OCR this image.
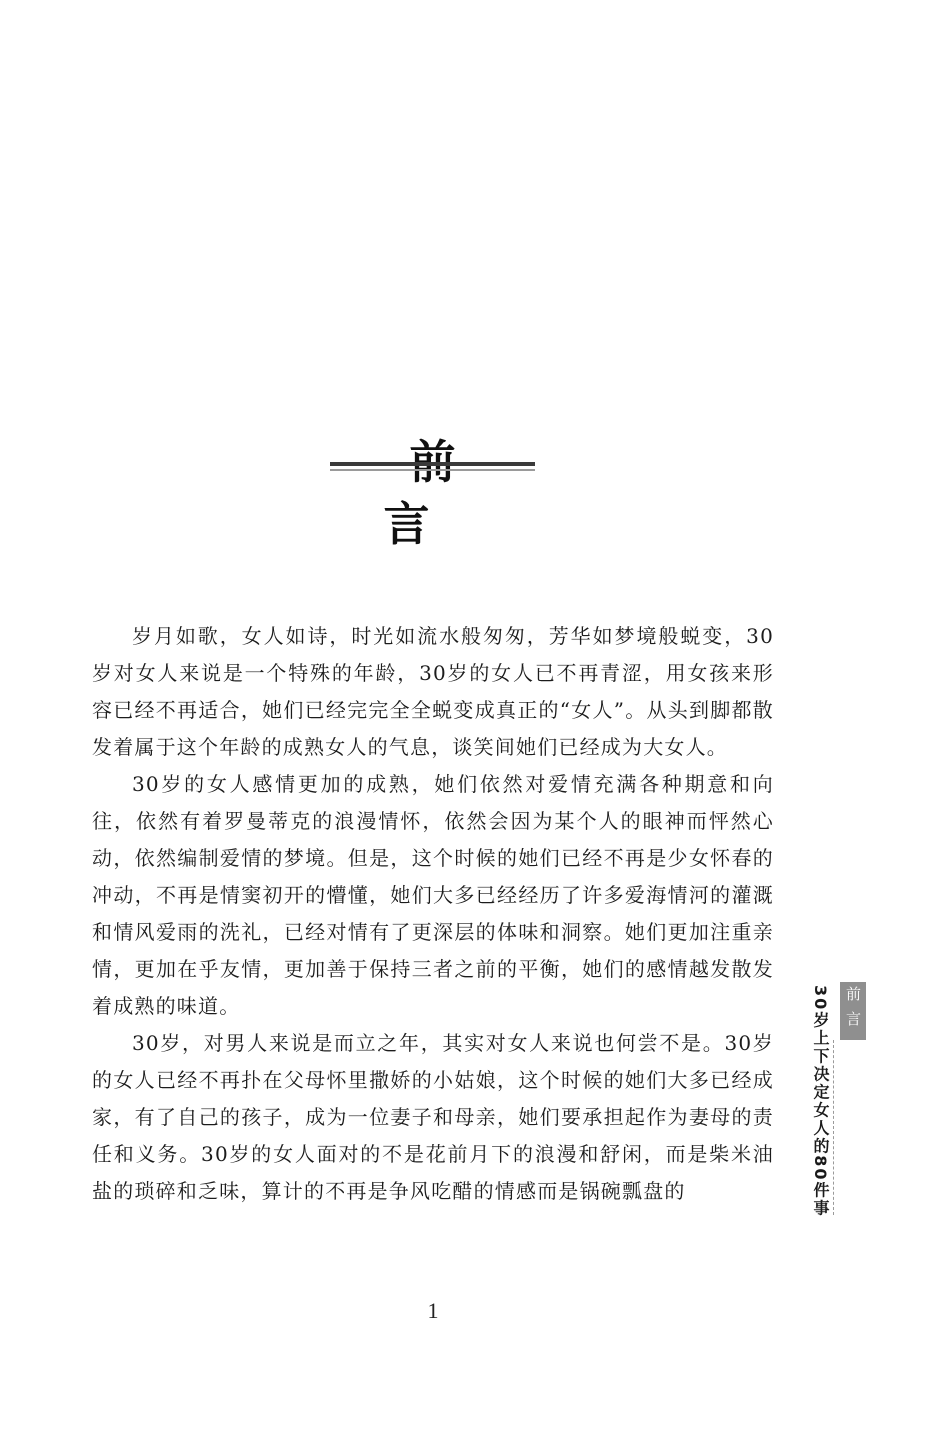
言

岁月如歌，女人如诗，时光如流水般匆匆，芳华如梦境般蜕变，30岁对女人来说是一个特殊的年龄，30岁的女人已不再青涩，用女孩来形容已经不再适合，她们已经完完全全蜕变成真正的“女人”。从头到脚都散发着属于这个年龄的成熟女人的气息，谈笑间她们已经成为大女人。

30岁的女人感情更加的成熟，她们依然对爱情充满各种期意和向往，依然有着罗曼蒂克的浪漫情怀，依然会因为某个人的眼神而怦然心动，依然编制爱情的梦境。但是，这个时候的她们已经不再是少女怀春的冲动，不再是情窦初开的懵懂，她们大多已经经历了许多爱海情河的灌溉和情风爱雨的洗礼，已经对情有了更深层的体味和洞察。她们更加注重亲情，更加在乎友情，更加善于保持三者之前的平衡，她们的感情越发散发着成熟的味道。

30岁，对男人来说是而立之年，其实对女人来说也何尝不是。30岁的女人已经不再扑在父母怀里撒娇的小姑娘，这个时候的她们大多已经成家，有了自己的孩子，成为一位妻子和母亲，她们要承担起作为妻母的责任和义务。30岁的女人面对的不是花前月下的浪漫和舒闲，而是柴米油盐的琐碎和乏味，算计的不再是争风吃醋的情感而是锅碗瓢盘的

前言
30岁上下决定女人的80件事
1
